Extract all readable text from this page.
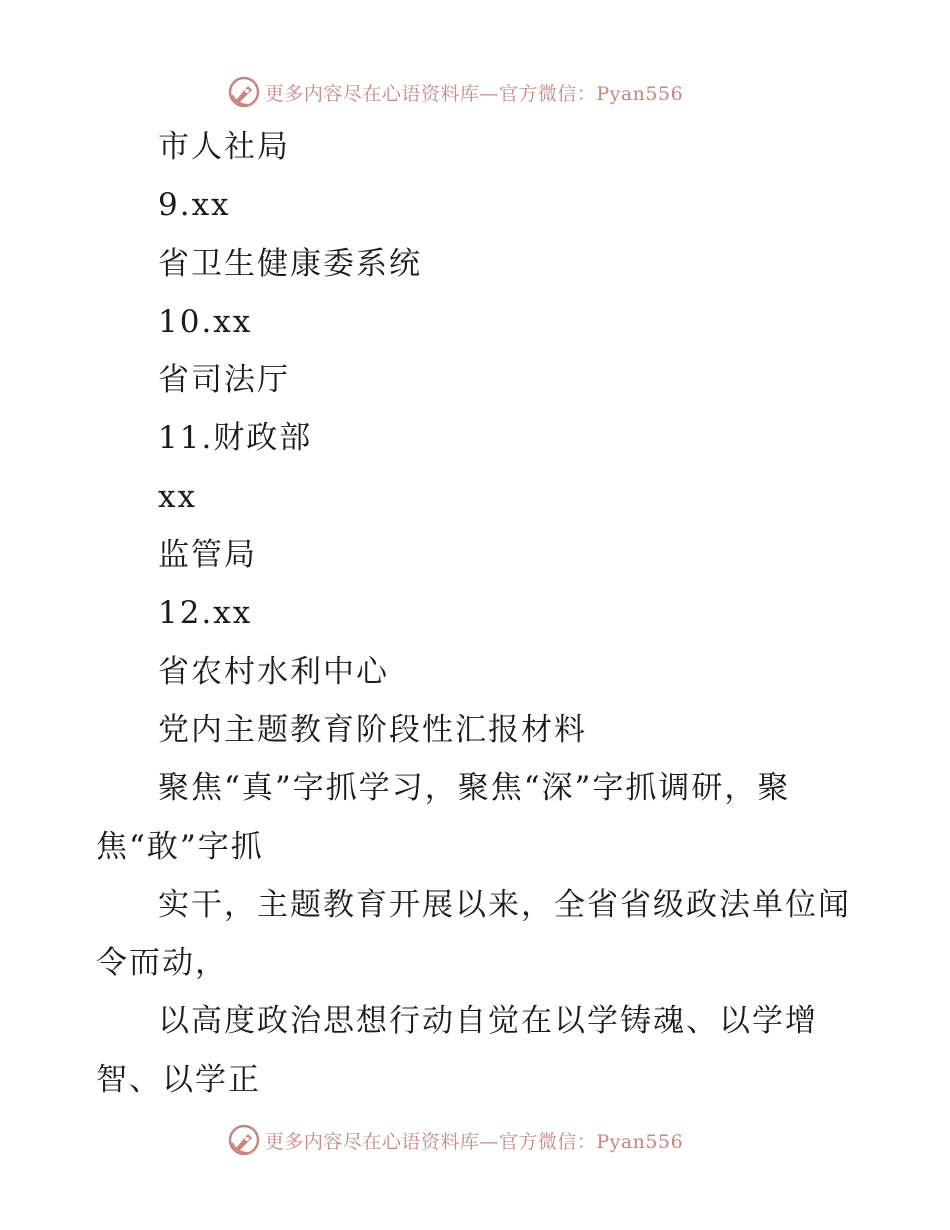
更多内容尽在心语资料库—官方微信：Pyan556

市人社局

9.xx

省卫生健康委系统

10.xx

省司法厅

11.财政部

xx

监管局

12.xx

省农村水利中心

党内主题教育阶段性汇报材料

聚焦“真”字抓学习，聚焦“深”字抓调研，聚焦“敢”字抓

实干，主题教育开展以来，全省省级政法单位闻令而动，

以高度政治思想行动自觉在以学铸魂、以学增智、以学正

更多内容尽在心语资料库—官方微信：Pyan556
